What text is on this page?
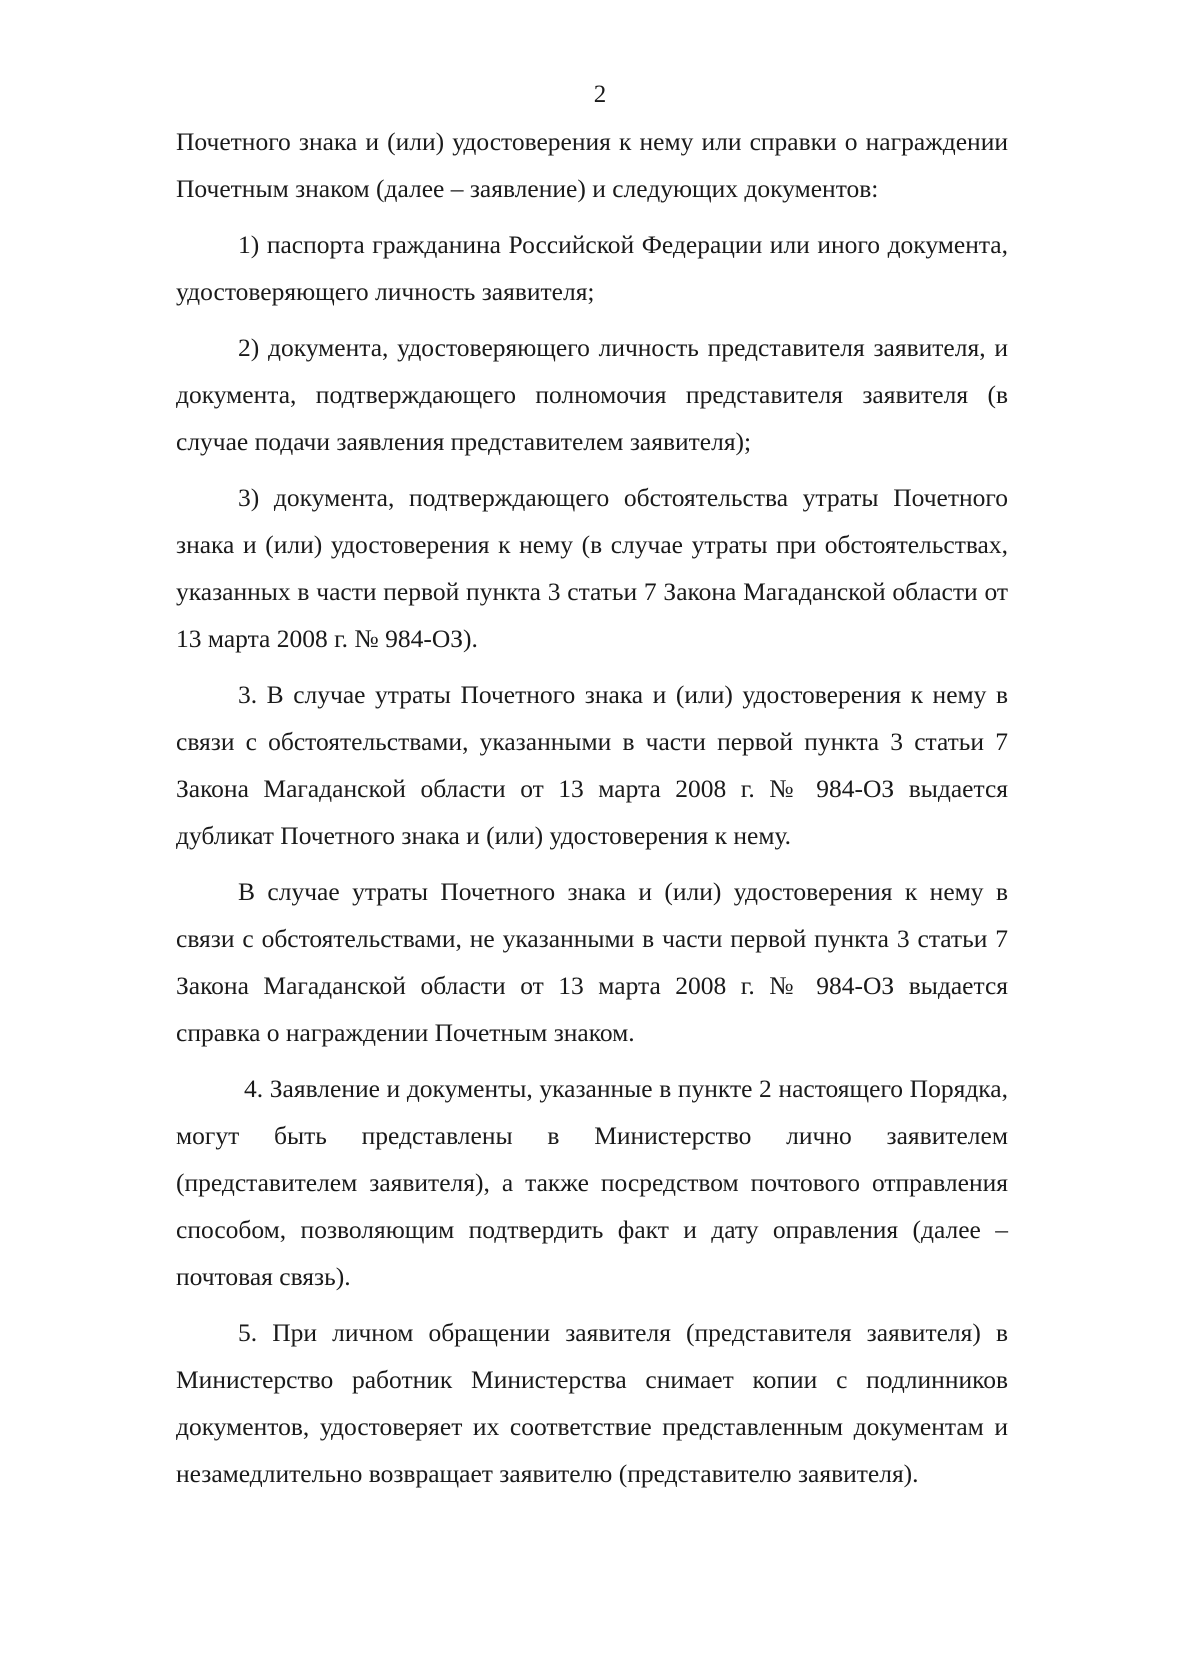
2

Почетного знака и (или) удостоверения к нему или справки о награждении Почетным знаком (далее – заявление) и следующих документов:

1) паспорта гражданина Российской Федерации или иного документа, удостоверяющего личность заявителя;

2) документа, удостоверяющего личность представителя заявителя, и документа, подтверждающего полномочия представителя заявителя (в случае подачи заявления представителем заявителя);

3) документа, подтверждающего обстоятельства утраты Почетного знака и (или) удостоверения к нему (в случае утраты при обстоятельствах, указанных в части первой пункта 3 статьи 7 Закона Магаданской области от 13 марта 2008 г. № 984-ОЗ).

3. В случае утраты Почетного знака и (или) удостоверения к нему в связи с обстоятельствами, указанными в части первой пункта 3 статьи 7 Закона Магаданской области от 13 марта 2008 г. № 984-ОЗ выдается дубликат Почетного знака и (или) удостоверения к нему.

В случае утраты Почетного знака и (или) удостоверения к нему в связи с обстоятельствами, не указанными в части первой пункта 3 статьи 7 Закона Магаданской области от 13 марта 2008 г. № 984-ОЗ выдается справка о награждении Почетным знаком.

4. Заявление и документы, указанные в пункте 2 настоящего Порядка, могут быть представлены в Министерство лично заявителем (представителем заявителя), а также посредством почтового отправления способом, позволяющим подтвердить факт и дату оправления (далее – почтовая связь).

5. При личном обращении заявителя (представителя заявителя) в Министерство работник Министерства снимает копии с подлинников документов, удостоверяет их соответствие представленным документам и незамедлительно возвращает заявителю (представителю заявителя).
